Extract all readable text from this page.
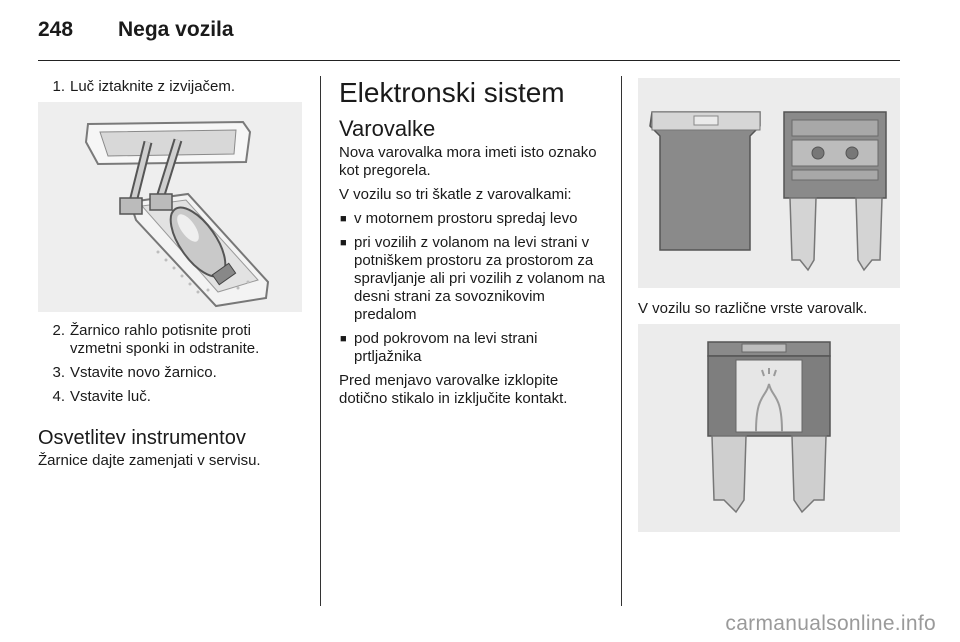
248 Nega vozila
1. Luč iztaknite z izvijačem.
2. Žarnico rahlo potisnite proti vzmetni sponki in odstranite.
3. Vstavite novo žarnico.
4. Vstavite luč.
Osvetlitev instrumentov

Žarnice dajte zamenjati v servisu.

Elektronski sistem
Varovalke

Nova varovalka mora imeti isto oznako kot pregorela.

V vozilu so tri škatle z varovalkami:

■ v motornem prostoru spredaj levo
■ pri vozilih z volanom na levi strani v potniškem prostoru za prostorom za spravljanje ali pri vozilih z volanom na desni strani za sovoznikovim predalom
■ pod pokrovom na levi strani prtljažnika

Pred menjavo varovalke izklopite dotično stikalo in izključite kontakt.

V vozilu so različne vrste varovalk.

carmanualsonline.info
